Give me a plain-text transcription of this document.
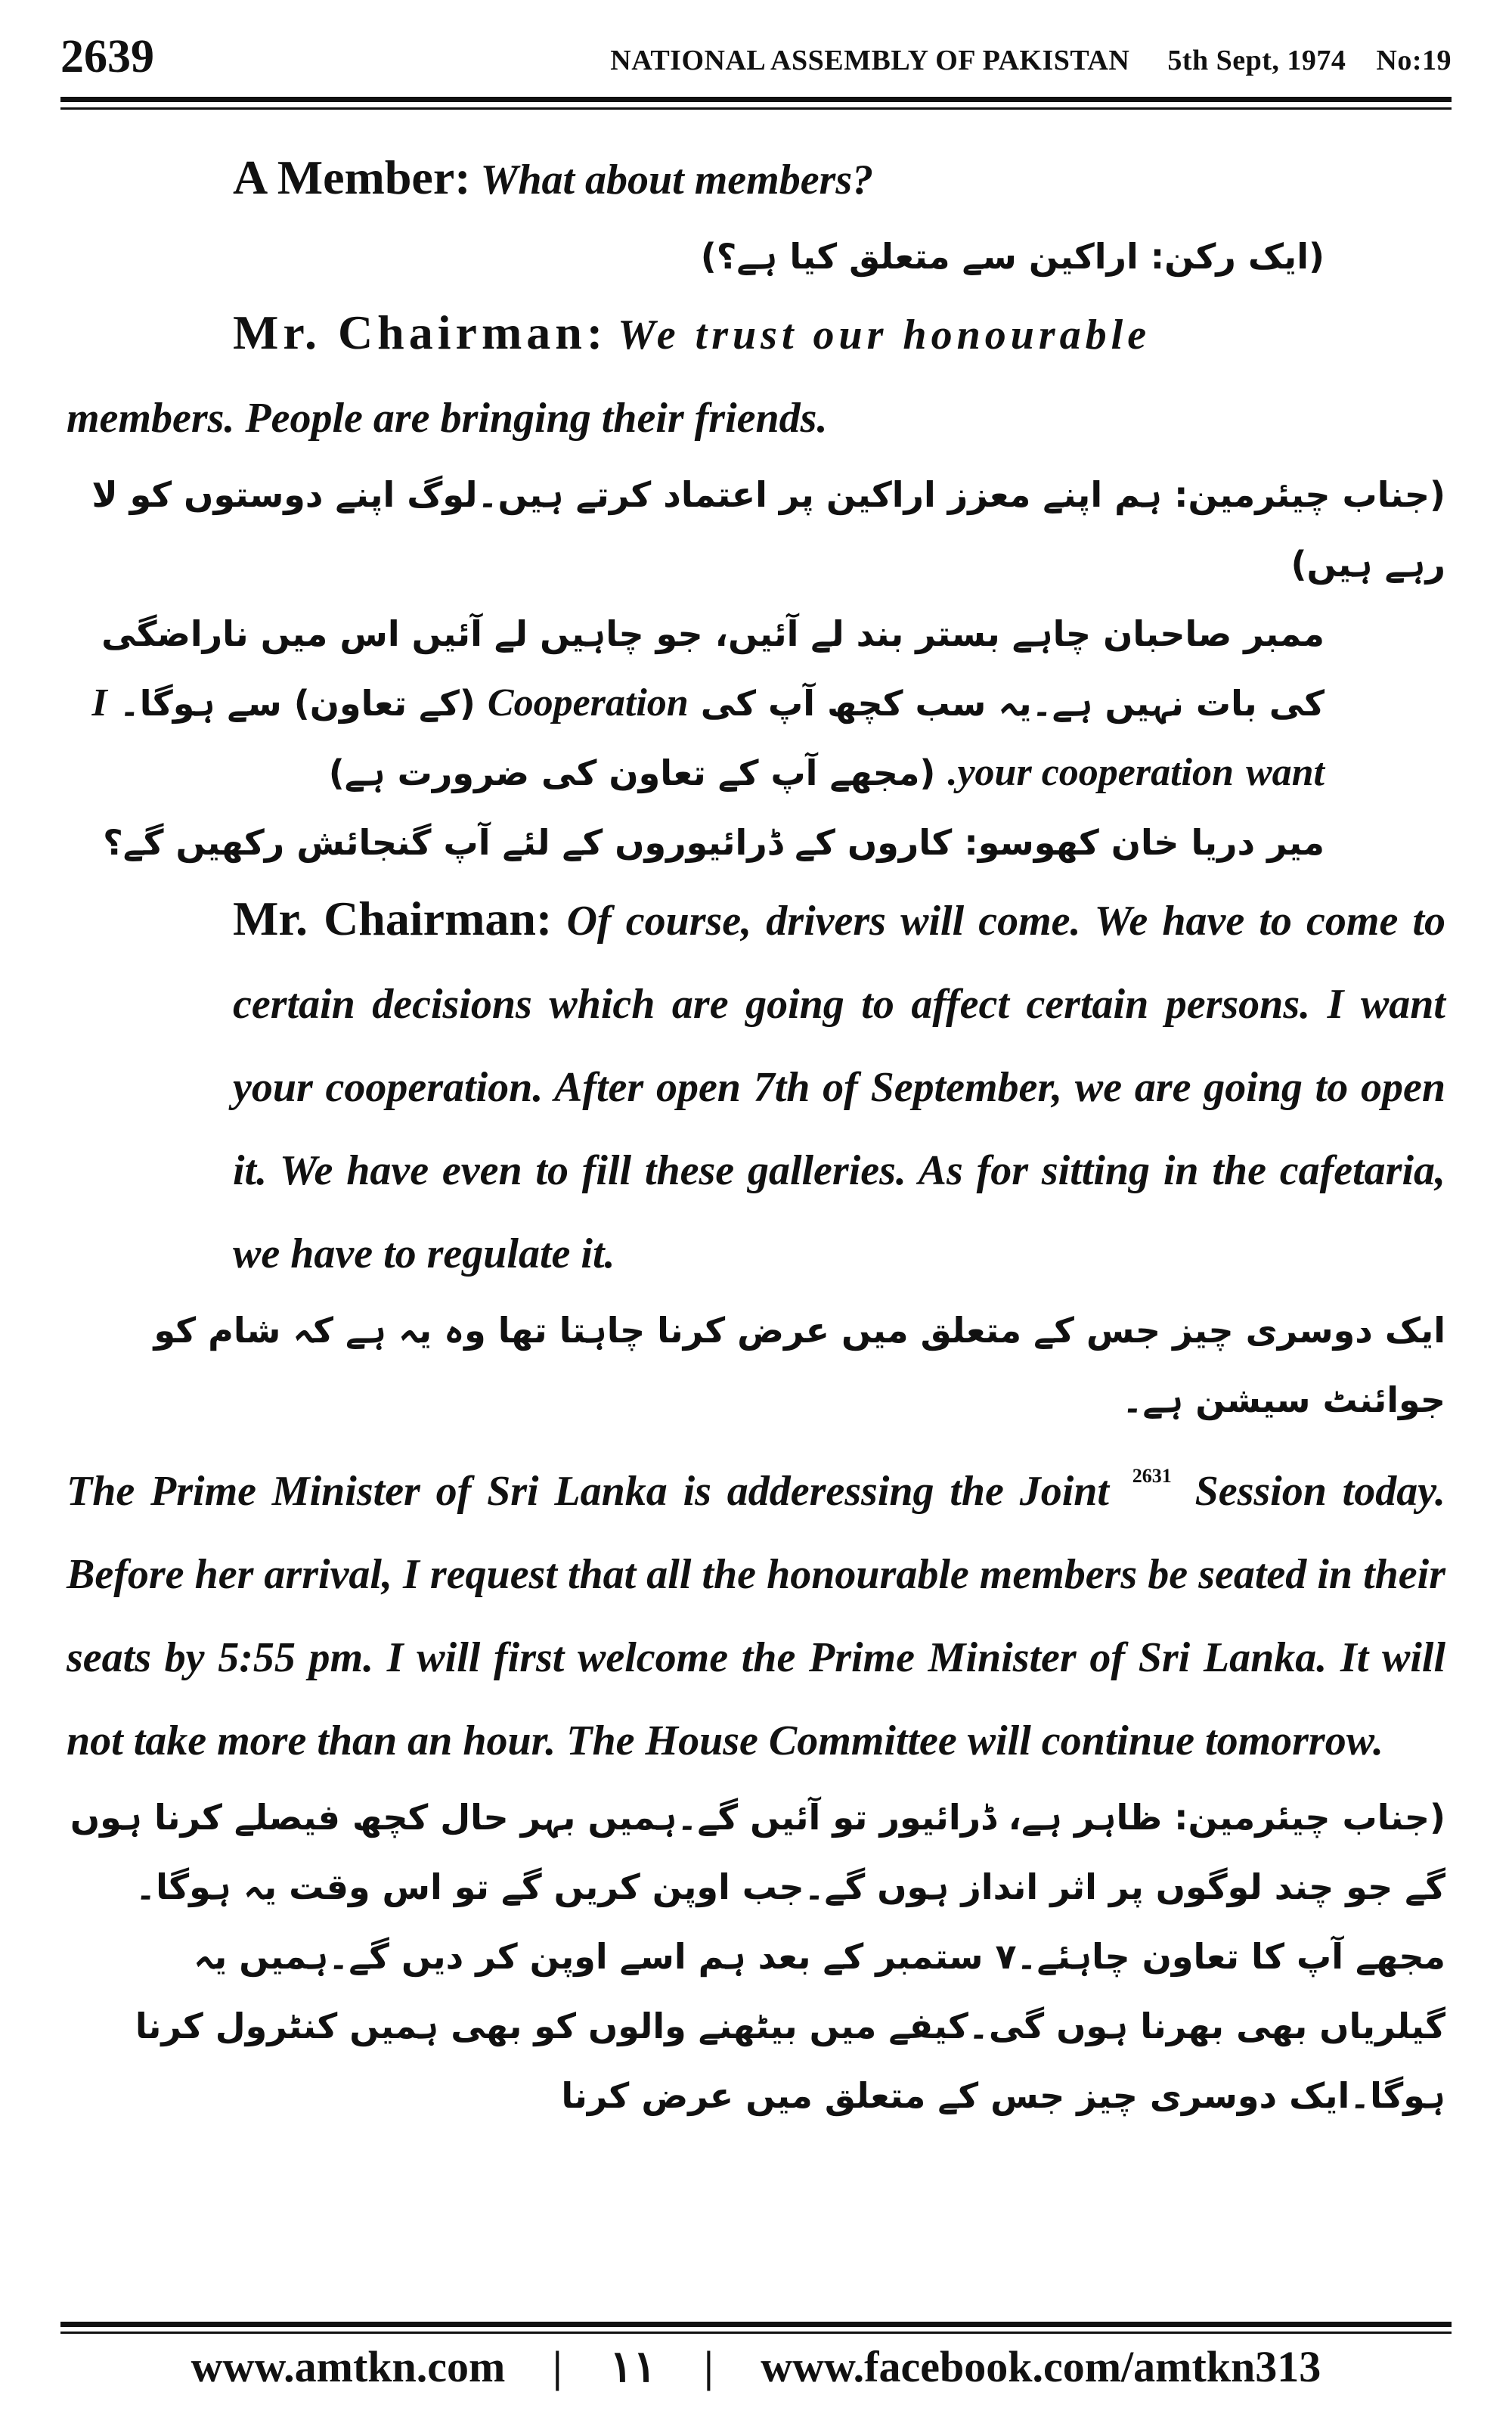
2639	NATIONAL ASSEMBLY OF PAKISTAN 5th Sept, 1974 No:19

A Member: What about members?

(ایک رکن: اراکین سے متعلق کیا ہے؟)

Mr. Chairman: We trust our honourable

members. People are bringing their friends.

(جناب چیئرمین: ہم اپنے معزز اراکین پر اعتماد کرتے ہیں۔لوگ اپنے دوستوں کو لا رہے ہیں)

ممبر صاحبان چاہے بستر بند لے آئیں، جو چاہیں لے آئیں اس میں ناراضگی کی بات نہیں ہے۔یہ سب کچھ آپ کی Cooperation (کے تعاون) سے ہوگا۔ I want your cooperation. (مجھے آپ کے تعاون کی ضرورت ہے)

میر دریا خان کھوسو: کاروں کے ڈرائیوروں کے لئے آپ گنجائش رکھیں گے؟

Mr. Chairman: Of course, drivers will come. We have to come to certain decisions which are going to affect certain persons. I want your cooperation. After open 7th of September, we are going to open it. We have even to fill these galleries. As for sitting in the cafetaria, we have to regulate it.

ایک دوسری چیز جس کے متعلق میں عرض کرنا چاہتا تھا وہ یہ ہے کہ شام کو جوائنٹ سیشن ہے۔

The Prime Minister of Sri Lanka is adderessing the Joint $^{2631}$ Session today. Before her arrival, I request that all the honourable members be seated in their seats by 5:55 pm. I will first welcome the Prime Minister of Sri Lanka. It will not take more than an hour. The House Committee will continue tomorrow.

(جناب چیئرمین: ظاہر ہے، ڈرائیور تو آئیں گے۔ہمیں بہر حال کچھ فیصلے کرنا ہوں گے جو چند لوگوں پر اثر انداز ہوں گے۔جب اوپن کریں گے تو اس وقت یہ ہوگا۔مجھے آپ کا تعاون چاہئے۔۷ ستمبر کے بعد ہم اسے اوپن کر دیں گے۔ہمیں یہ گیلریاں بھی بھرنا ہوں گی۔کیفے میں بیٹھنے والوں کو بھی ہمیں کنٹرول کرنا ہوگا۔ایک دوسری چیز جس کے متعلق میں عرض کرنا

www.amtkn.com | ۱۱ | www.facebook.com/amtkn313
